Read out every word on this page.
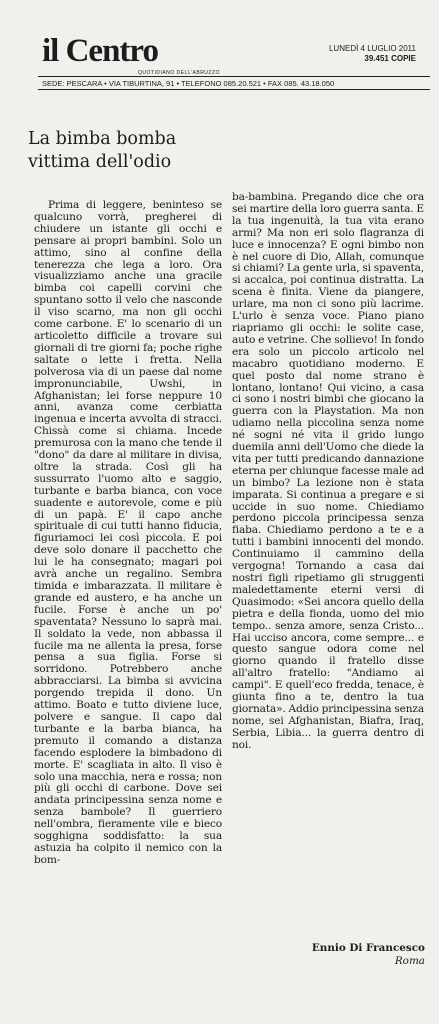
il Centro
QUOTIDIANO DELL'ABRUZZO
LUNEDÌ 4 LUGLIO 2011
39.451 COPIE
SEDE: PESCARA • VIA TIBURTINA, 91 • TELEFONO 085.20.521 • FAX 085. 43.18.050
La bimba bomba
vittima dell'odio

Prima di leggere, beninteso se qualcuno vorrà, pregherei di chiudere un istante gli occhi e pensare ai propri bambini. Solo un attimo, sino al confine della tenerezza che lega a loro. Ora visualizziamo anche una gracile bimba coi capelli corvini che spuntano sotto il velo che nasconde il viso scarno, ma non gli occhi come carbone. E' lo scenario di un articoletto difficile a trovare sui giornali di tre giorni fa; poche righe saltate o lette i fretta. Nella polverosa via di un paese dal nome impronunciabile, Uwshi, in Afghanistan; lei forse neppure 10 anni, avanza come cerbiatta ingenua e incerta avvolta di stracci. Chissà come si chiama. Incede premurosa con la mano che tende il "dono" da dare al militare in divisa, oltre la strada. Così gli ha sussurrato l'uomo alto e saggio, turbante e barba bianca, con voce suadente e autorevole, come e più di un papà. E' il capo anche spirituale di cui tutti hanno fiducia, figuriamoci lei così piccola. E poi deve solo donare il pacchetto che lui le ha consegnato; magari poi avrà anche un regalino. Sembra timida e imbarazzata. Il militare è grande ed austero, e ha anche un fucile. Forse è anche un po' spaventata? Nessuno lo saprà mai. Il soldato la vede, non abbassa il fucile ma ne allenta la presa, forse pensa a sua figlia. Forse si sorridono. Potrebbero anche abbracciarsi. La bimba si avvicina porgendo trepida il dono. Un attimo. Boato e tutto diviene luce, polvere e sangue. Il capo dal turbante e la barba bianca, ha premuto il comando a distanza facendo esplodere la bimbadono di morte. E' scagliata in alto. Il viso è solo una macchia, nera e rossa; non più gli occhi di carbone. Dove sei andata principessina senza nome e senza bambole? Il guerriero nell'ombra, fieramente vile e bieco sogghigna soddisfatto: la sua astuzia ha colpito il nemico con la bom-

ba-bambina. Pregando dice che ora sei martire della loro guerra santa. E la tua ingenuità, la tua vita erano armi? Ma non eri solo flagranza di luce e innocenza? E ogni bimbo non è nel cuore di Dio, Allah, comunque si chiami? La gente urla, si spaventa, si accalca, poi continua distratta. La scena è finita. Viene da piangere, urlare, ma non ci sono più lacrime. L'urlo è senza voce. Piano piano riapriamo gli occhi: le solite case, auto e vetrine. Che sollievo! In fondo era solo un piccolo articolo nel macabro quotidiano moderno. E quel posto dal nome strano è lontano, lontano! Qui vicino, a casa ci sono i nostri bimbi che giocano la guerra con la Playstation. Ma non udiamo nella piccolina senza nome né sogni né vita il grido lungo duemila anni dell'Uomo che diede la vita per tutti predicando dannazione eterna per chiunque facesse male ad un bimbo? La lezione non è stata imparata. Si continua a pregare e si uccide in suo nome. Chiediamo perdono piccola principessa senza fiaba. Chiediamo perdono a te e a tutti i bambini innocenti del mondo. Continuiamo il cammino della vergogna! Tornando a casa dai nostri figli ripetiamo gli struggenti maledettamente eterni versi di Quasimodo: «Sei ancora quello della pietra e della fionda, uomo del mio tempo.. senza amore, senza Cristo... Hai ucciso ancora, come sempre... e questo sangue odora come nel giorno quando il fratello disse all'altro fratello: "Andiamo ai campi". E quell'eco fredda, tenace, è giunta fino a te, dentro la tua giornata». Addio principessina senza nome, sei Afghanistan, Biafra, Iraq, Serbia, Libia... la guerra dentro di noi.

Ennio Di Francesco
Roma
